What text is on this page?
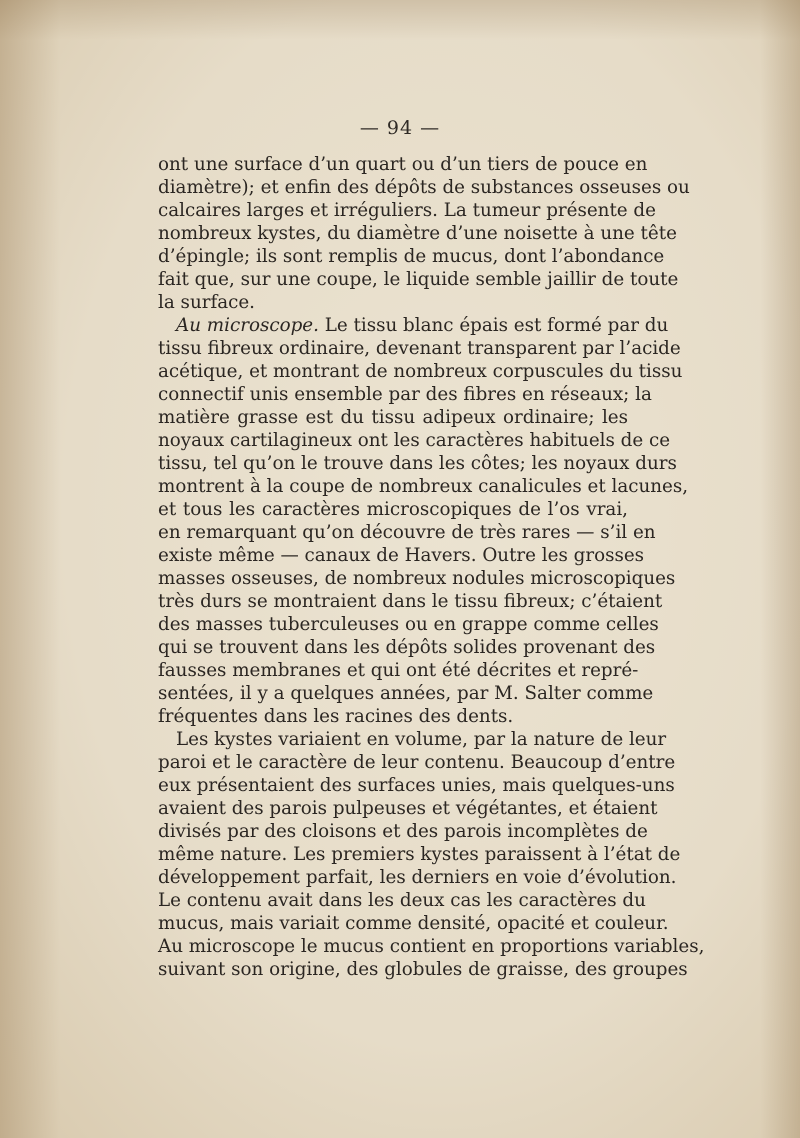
— 94 —
ont une surface d’un quart ou d’un tiers de pouce en
diamètre); et enfin des dépôts de substances osseuses ou
calcaires larges et irréguliers. La tumeur présente de
nombreux kystes, du diamètre d’une noisette à une tête
d’épingle; ils sont remplis de mucus, dont l’abondance
fait que, sur une coupe, le liquide semble jaillir de toute
la surface.
Au microscope. Le tissu blanc épais est formé par du
tissu fibreux ordinaire, devenant transparent par l’acide
acétique, et montrant de nombreux corpuscules du tissu
connectif unis ensemble par des fibres en réseaux; la
matière grasse est du tissu adipeux ordinaire; les
noyaux cartilagineux ont les caractères habituels de ce
tissu, tel qu’on le trouve dans les côtes; les noyaux durs
montrent à la coupe de nombreux canalicules et lacunes,
et tous les caractères microscopiques de l’os vrai,
en remarquant qu’on découvre de très rares — s’il en
existe même — canaux de Havers. Outre les grosses
masses osseuses, de nombreux nodules microscopiques
très durs se montraient dans le tissu fibreux; c’étaient
des masses tuberculeuses ou en grappe comme celles
qui se trouvent dans les dépôts solides provenant des
fausses membranes et qui ont été décrites et repré-
sentées, il y a quelques années, par M. Salter comme
fréquentes dans les racines des dents.
Les kystes variaient en volume, par la nature de leur
paroi et le caractère de leur contenu. Beaucoup d’entre
eux présentaient des surfaces unies, mais quelques-uns
avaient des parois pulpeuses et végétantes, et étaient
divisés par des cloisons et des parois incomplètes de
même nature. Les premiers kystes paraissent à l’état de
développement parfait, les derniers en voie d’évolution.
Le contenu avait dans les deux cas les caractères du
mucus, mais variait comme densité, opacité et couleur.
Au microscope le mucus contient en proportions variables,
suivant son origine, des globules de graisse, des groupes
